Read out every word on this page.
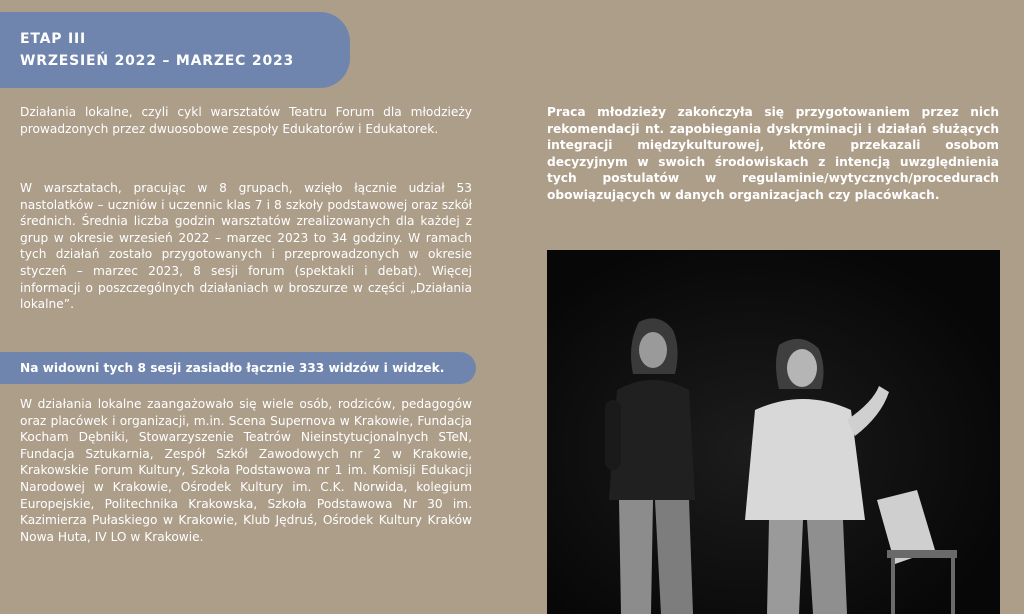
ETAP III
WRZESIEŃ 2022 – MARZEC 2023

Działania lokalne, czyli cykl warsztatów Teatru Forum dla młodzieży prowadzonych przez dwuosobowe zespoły Edukatorów i Edukatorek.

W warsztatach, pracując w 8 grupach, wzięło łącznie udział 53 nastolatków – uczniów i uczennic klas 7 i 8 szkoły podstawowej oraz szkół średnich. Średnia liczba godzin warsztatów zrealizowanych dla każdej z grup w okresie wrzesień 2022 – marzec 2023 to 34 godziny. W ramach tych działań zostało przygotowanych i przeprowadzonych w okresie styczeń – marzec 2023, 8 sesji forum (spektakli i debat). Więcej informacji o poszczególnych działaniach w broszurze w części „Działania lokalne”.

Na widowni tych 8 sesji zasiadło łącznie 333 widzów i widzek.

W działania lokalne zaangażowało się wiele osób, rodziców, pedagogów oraz placówek i organizacji, m.in. Scena Supernova w Krakowie, Fundacja Kocham Dębniki, Stowarzyszenie Teatrów Nieinstytucjonalnych STeN, Fundacja Sztukarnia, Zespół Szkół Zawodowych nr 2 w Krakowie, Krakowskie Forum Kultury, Szkoła Podstawowa nr 1 im. Komisji Edukacji Narodowej w Krakowie, Ośrodek Kultury im. C.K. Norwida, kolegium Europejskie, Politechnika Krakowska, Szkoła Podstawowa Nr 30 im. Kazimierza Pułaskiego w Krakowie, Klub Jędruś, Ośrodek Kultury Kraków Nowa Huta, IV LO w Krakowie.

Praca młodzieży zakończyła się przygotowaniem przez nich rekomendacji nt. zapobiegania dyskryminacji i działań służących integracji międzykulturowej, które przekazali osobom decyzyjnym w swoich środowiskach z intencją uwzględnienia tych postulatów w regulaminie/wytycznych/procedurach obowiązujących w danych organizacjach czy placówkach.
